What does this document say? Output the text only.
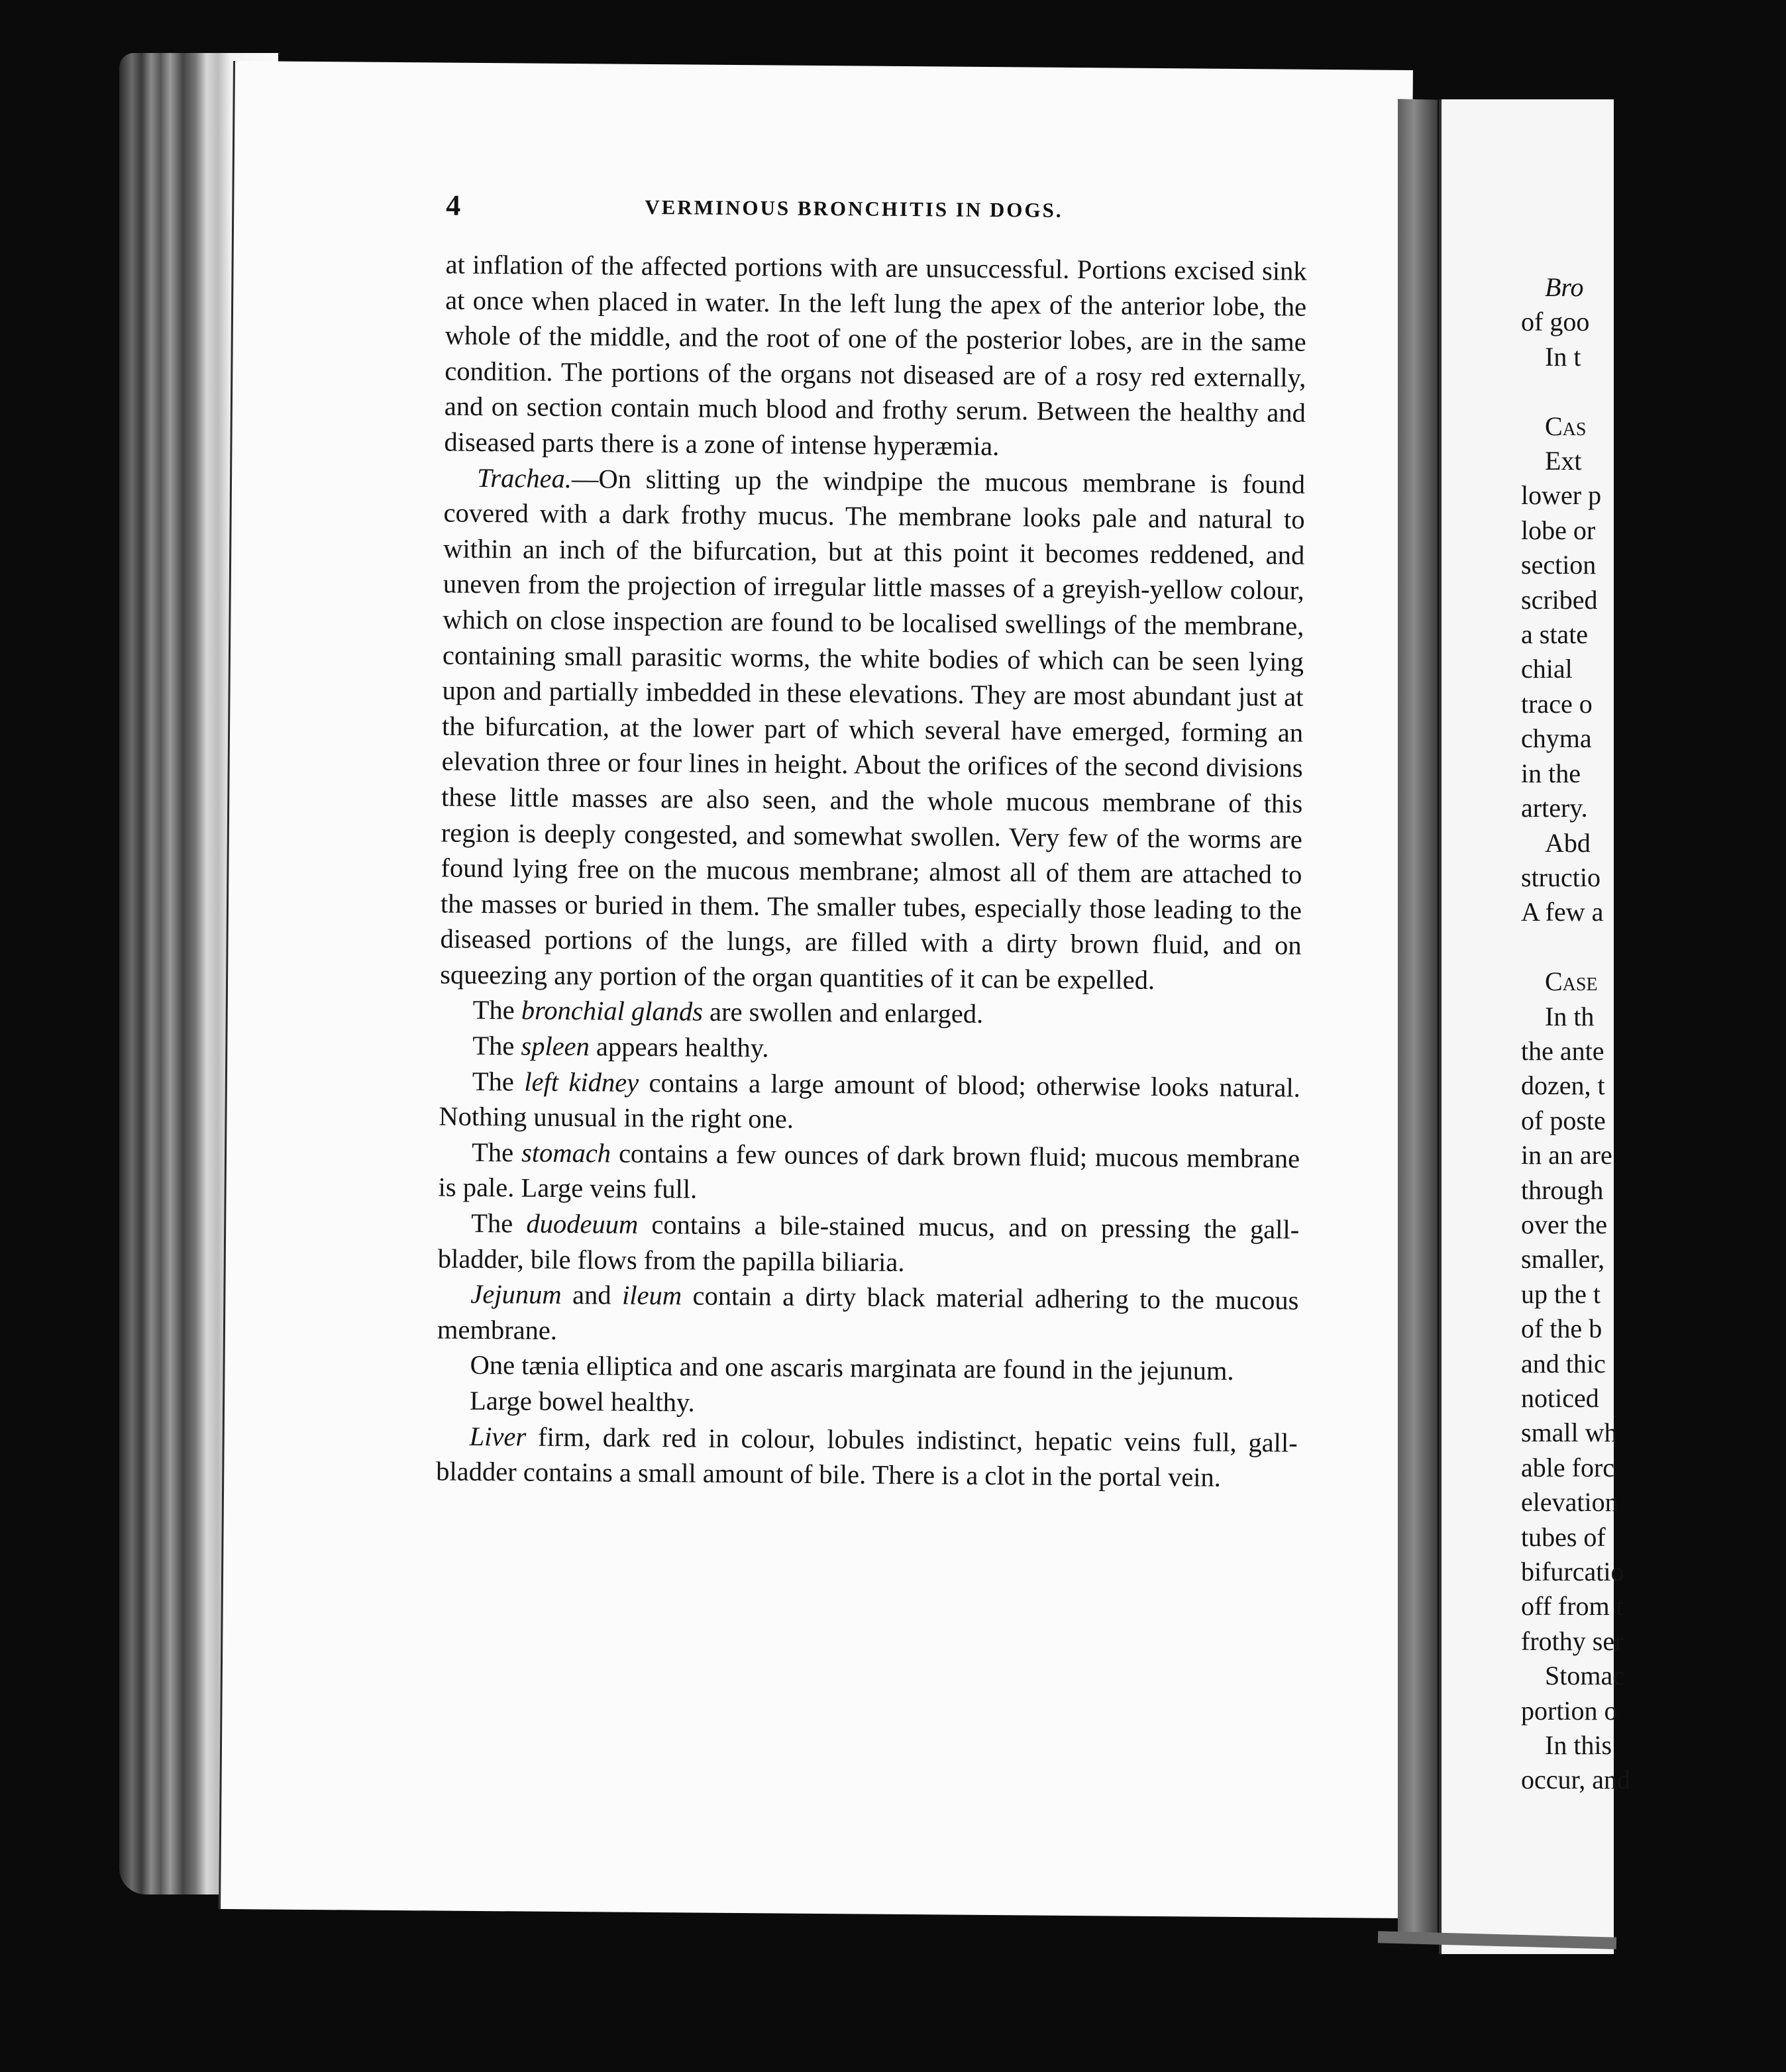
4	VERMINOUS BRONCHITIS IN DOGS.

at inflation of the affected portions with are unsuccessful. Portions excised sink at once when placed in water. In the left lung the apex of the anterior lobe, the whole of the middle, and the root of one of the posterior lobes, are in the same condition. The portions of the organs not diseased are of a rosy red externally, and on section contain much blood and frothy serum. Between the healthy and diseased parts there is a zone of intense hyperæmia.

Trachea.—On slitting up the windpipe the mucous membrane is found covered with a dark frothy mucus. The membrane looks pale and natural to within an inch of the bifurcation, but at this point it becomes reddened, and uneven from the projection of irregular little masses of a greyish-yellow colour, which on close inspection are found to be localised swellings of the membrane, containing small parasitic worms, the white bodies of which can be seen lying upon and partially imbedded in these elevations. They are most abundant just at the bifurcation, at the lower part of which several have emerged, forming an elevation three or four lines in height. About the orifices of the second divisions these little masses are also seen, and the whole mucous membrane of this region is deeply congested, and somewhat swollen. Very few of the worms are found lying free on the mucous membrane; almost all of them are attached to the masses or buried in them. The smaller tubes, especially those leading to the diseased portions of the lungs, are filled with a dirty brown fluid, and on squeezing any portion of the organ quantities of it can be expelled.

The bronchial glands are swollen and enlarged.

The spleen appears healthy.

The left kidney contains a large amount of blood; otherwise looks natural. Nothing unusual in the right one.

The stomach contains a few ounces of dark brown fluid; mucous membrane is pale. Large veins full.

The duodeuum contains a bile-stained mucus, and on pressing the gall-bladder, bile flows from the papilla biliaria.

Jejunum and ileum contain a dirty black material adhering to the mucous membrane.

One tænia elliptica and one ascaris marginata are found in the jejunum.

Large bowel healthy.

Liver firm, dark red in colour, lobules indistinct, hepatic veins full, gall-bladder contains a small amount of bile. There is a clot in the portal vein.

Bro
of goo
In t

Cas
Ext
lower p
lobe or
section
scribed
a state
chial
trace o
chyma
in the
artery.
Abd
structio
A few a

Case
In th
the ante
dozen, t
of poste
in an are
through
over the
smaller,
up the t
of the b
and thic
noticed
small wh
able forc
elevation
tubes of
bifurcatio
off from t
frothy ser
Stomac
portion o
In this
occur, and
